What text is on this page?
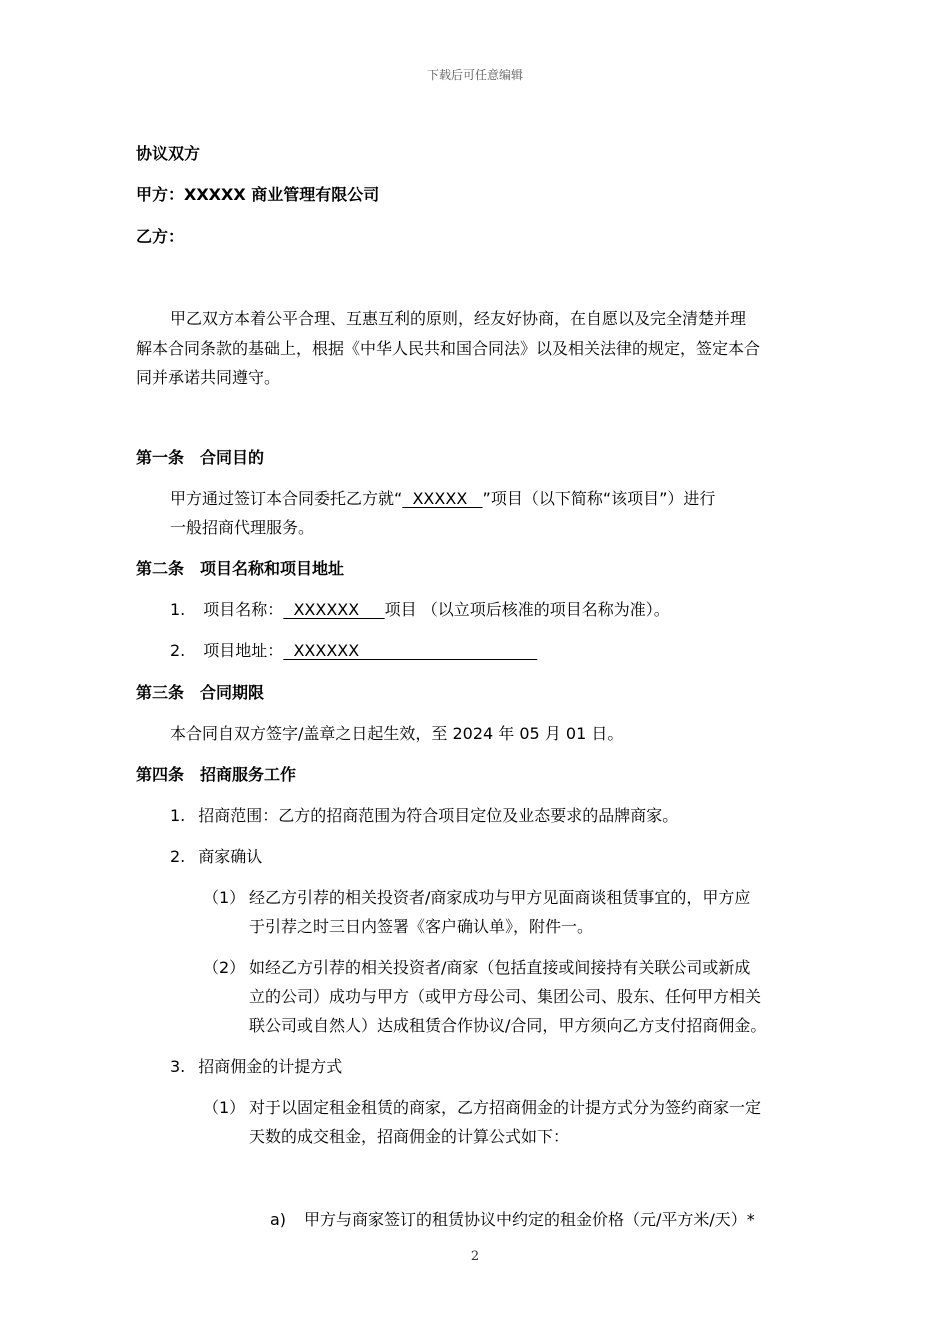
下载后可任意编辑
协议双方
甲方：XXXXX 商业管理有限公司
乙方：
甲乙双方本着公平合理、互惠互利的原则，经友好协商，在自愿以及完全清楚并理
解本合同条款的基础上，根据《中华人民共和国合同法》以及相关法律的规定，签定本合
同并承诺共同遵守。
第一条 合同目的
甲方通过签订本合同委托乙方就“  XXXXX   ”项目（以下简称“该项目”）进行
一般招商代理服务。
第二条 项目名称和项目地址
1. 项目名称：  XXXXXX     项目 （以立项后核准的项目名称为准）。
2. 项目地址：  XXXXXX
第三条 合同期限
本合同自双方签字/盖章之日起生效，至 2024 年 05 月 01 日。
第四条 招商服务工作
1. 招商范围：乙方的招商范围为符合项目定位及业态要求的品牌商家。
2. 商家确认
（1） 经乙方引荐的相关投资者/商家成功与甲方见面商谈租赁事宜的，甲方应
于引荐之时三日内签署《客户确认单》，附件一。
（2） 如经乙方引荐的相关投资者/商家（包括直接或间接持有关联公司或新成
立的公司）成功与甲方（或甲方母公司、集团公司、股东、任何甲方相关
联公司或自然人）达成租赁合作协议/合同，甲方须向乙方支付招商佣金。
3. 招商佣金的计提方式
（1） 对于以固定租金租赁的商家，乙方招商佣金的计提方式分为签约商家一定
天数的成交租金，招商佣金的计算公式如下：
a) 甲方与商家签订的租赁协议中约定的租金价格（元/平方米/天）*
2
